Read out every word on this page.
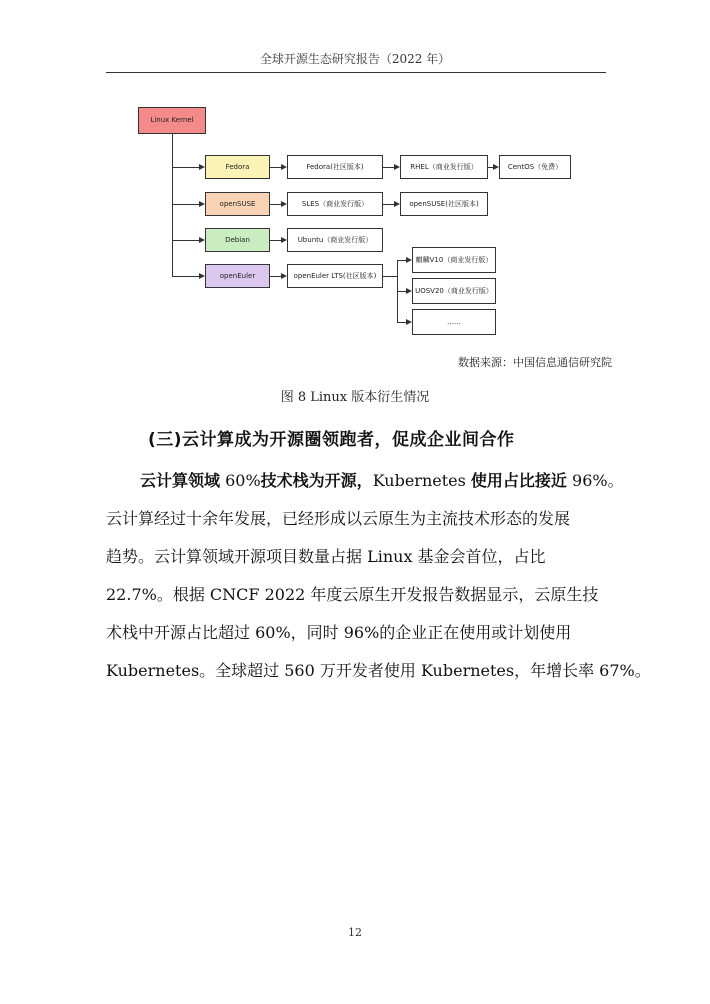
全球开源生态研究报告（2022 年）
Linux Kernel
Fedora	Fedora(社区版本)	RHEL（商业发行版）	CentOS（免费）
openSUSE	SLES（商业发行版）	openSUSE(社区版本)
Debian	Ubuntu（商业发行版）
openEuler	openEuler LTS(社区版本)
麒麟V10（商业发行版）
UOSV20（商业发行版）
……
数据来源：中国信息通信研究院
图 8 Linux 版本衍生情况
(三)云计算成为开源圈领跑者，促成企业间合作
云计算领域 60%技术栈为开源，Kubernetes 使用占比接近 96%。
云计算经过十余年发展，已经形成以云原生为主流技术形态的发展
趋势。云计算领域开源项目数量占据 Linux 基金会首位，占比
22.7%。根据 CNCF 2022 年度云原生开发报告数据显示，云原生技
术栈中开源占比超过 60%，同时 96%的企业正在使用或计划使用
Kubernetes。全球超过 560 万开发者使用 Kubernetes，年增长率 67%。
12
